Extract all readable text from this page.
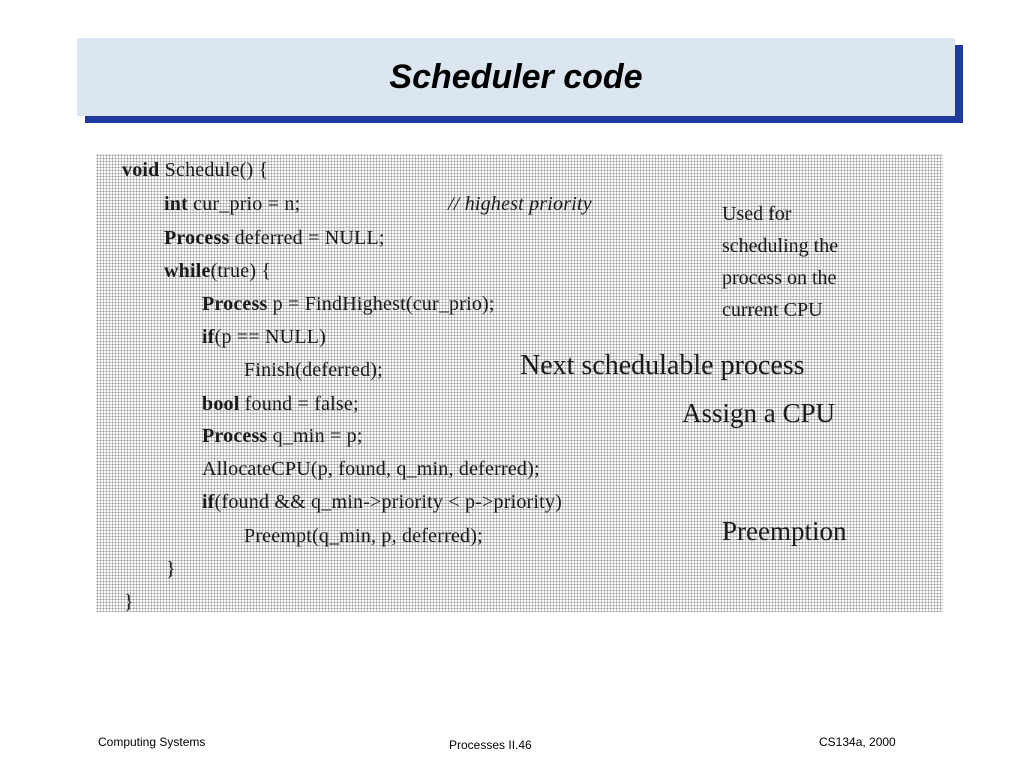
Scheduler code
void Schedule() {
int cur_prio = n;	// highest priority
Process deferred = NULL;
while(true) {
Process p = FindHighest(cur_prio);
if(p == NULL)
Finish(deferred);
bool found = false;
Process q_min = p;
AllocateCPU(p, found, q_min, deferred);
if(found && q_min->priority < p->priority)
Preempt(q_min, p, deferred);
}
}
Used for
scheduling the
process on the
current CPU
Next schedulable process
Assign a CPU
Preemption
Computing Systems	Processes II.46	CS134a, 2000
